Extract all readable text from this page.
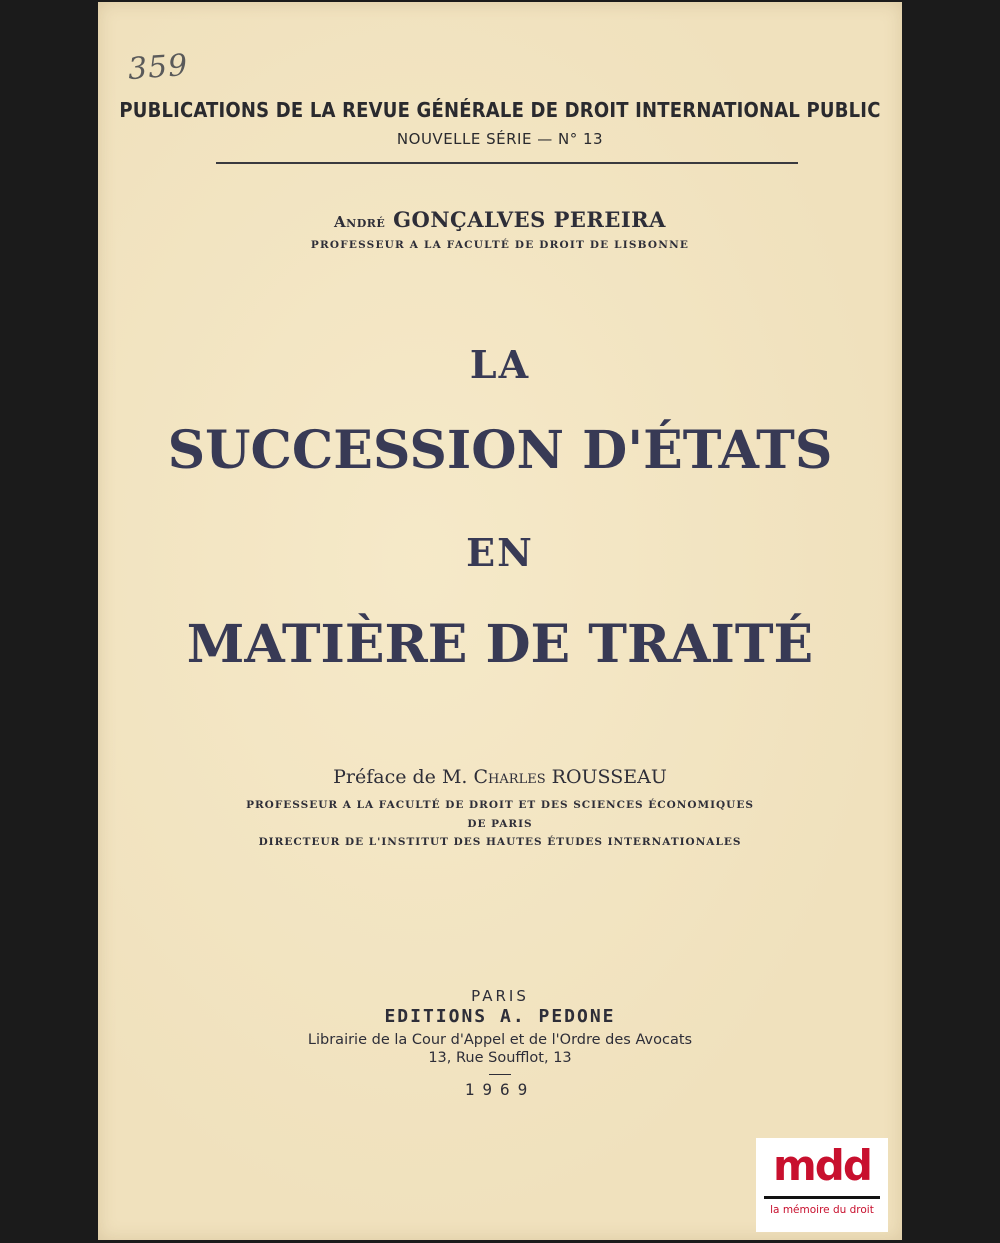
359
PUBLICATIONS DE LA REVUE GÉNÉRALE DE DROIT INTERNATIONAL PUBLIC
NOUVELLE SÉRIE — N° 13
André GONÇALVES PEREIRA
PROFESSEUR A LA FACULTÉ DE DROIT DE LISBONNE
LA
SUCCESSION D'ÉTATS
EN
MATIÈRE DE TRAITÉ
Préface de M. Charles ROUSSEAU
PROFESSEUR A LA FACULTÉ DE DROIT ET DES SCIENCES ÉCONOMIQUES
DE PARIS
DIRECTEUR DE L'INSTITUT DES HAUTES ÉTUDES INTERNATIONALES
PARIS
EDITIONS A. PEDONE
Librairie de la Cour d'Appel et de l'Ordre des Avocats
13, Rue Soufflot, 13
1969
mdd
la mémoire du droit
